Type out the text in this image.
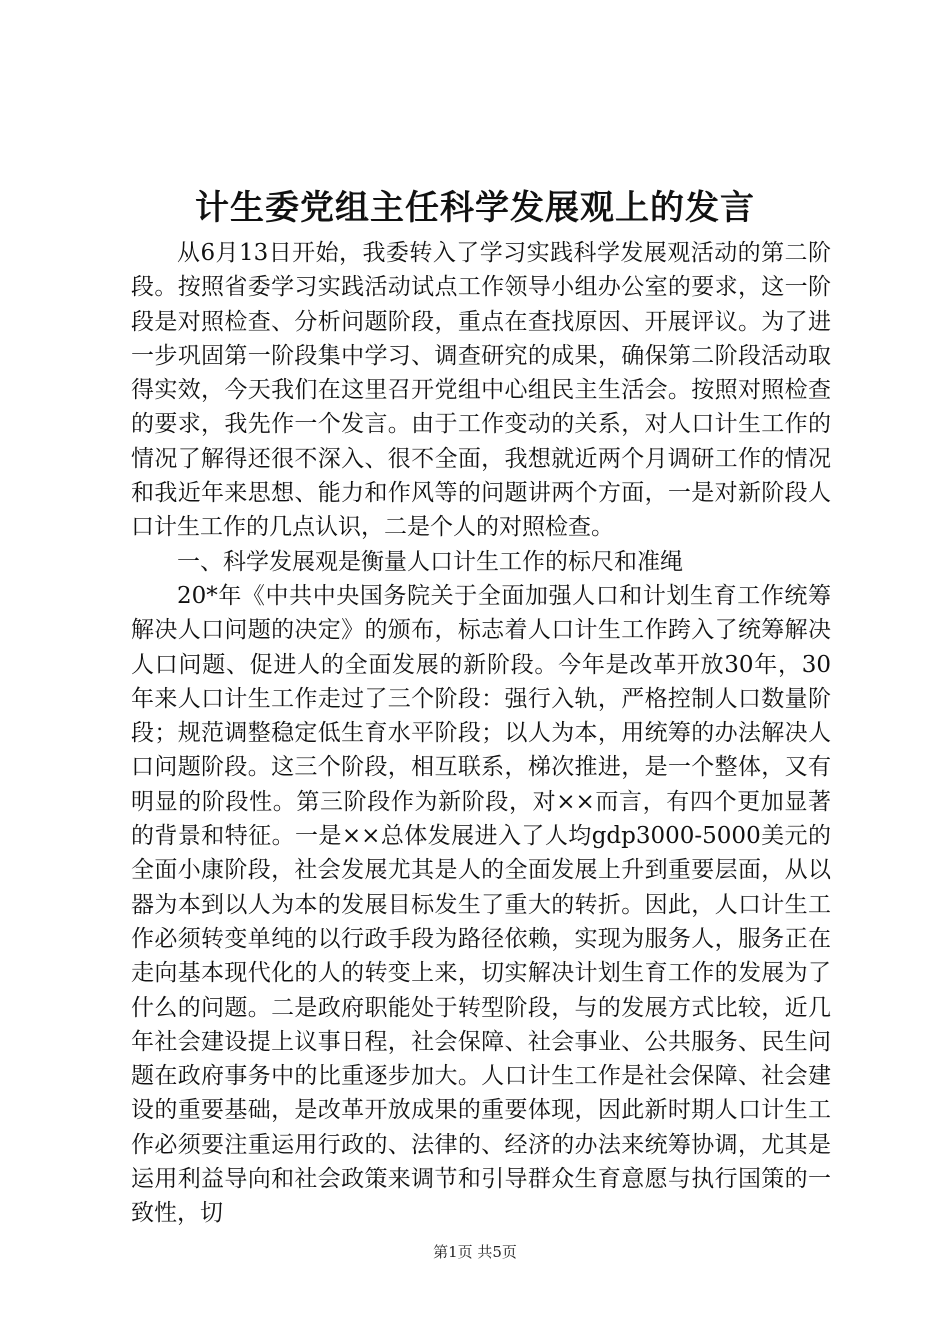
计生委党组主任科学发展观上的发言

从6月13日开始，我委转入了学习实践科学发展观活动的第二阶段。按照省委学习实践活动试点工作领导小组办公室的要求，这一阶段是对照检查、分析问题阶段，重点在查找原因、开展评议。为了进一步巩固第一阶段集中学习、调查研究的成果，确保第二阶段活动取得实效，今天我们在这里召开党组中心组民主生活会。按照对照检查的要求，我先作一个发言。由于工作变动的关系，对人口计生工作的情况了解得还很不深入、很不全面，我想就近两个月调研工作的情况和我近年来思想、能力和作风等的问题讲两个方面，一是对新阶段人口计生工作的几点认识，二是个人的对照检查。

一、科学发展观是衡量人口计生工作的标尺和准绳

20*年《中共中央国务院关于全面加强人口和计划生育工作统筹解决人口问题的决定》的颁布，标志着人口计生工作跨入了统筹解决人口问题、促进人的全面发展的新阶段。今年是改革开放30年，30年来人口计生工作走过了三个阶段：强行入轨，严格控制人口数量阶段；规范调整稳定低生育水平阶段；以人为本，用统筹的办法解决人口问题阶段。这三个阶段，相互联系，梯次推进，是一个整体，又有明显的阶段性。第三阶段作为新阶段，对××而言，有四个更加显著的背景和特征。一是××总体发展进入了人均gdp3000-5000美元的全面小康阶段，社会发展尤其是人的全面发展上升到重要层面，从以器为本到以人为本的发展目标发生了重大的转折。因此，人口计生工作必须转变单纯的以行政手段为路径依赖，实现为服务人，服务正在走向基本现代化的人的转变上来，切实解决计划生育工作的发展为了什么的问题。二是政府职能处于转型阶段，与的发展方式比较，近几年社会建设提上议事日程，社会保障、社会事业、公共服务、民生问题在政府事务中的比重逐步加大。人口计生工作是社会保障、社会建设的重要基础，是改革开放成果的重要体现，因此新时期人口计生工作必须要注重运用行政的、法律的、经济的办法来统筹协调，尤其是运用利益导向和社会政策来调节和引导群众生育意愿与执行国策的一致性，切

第1页 共5页
